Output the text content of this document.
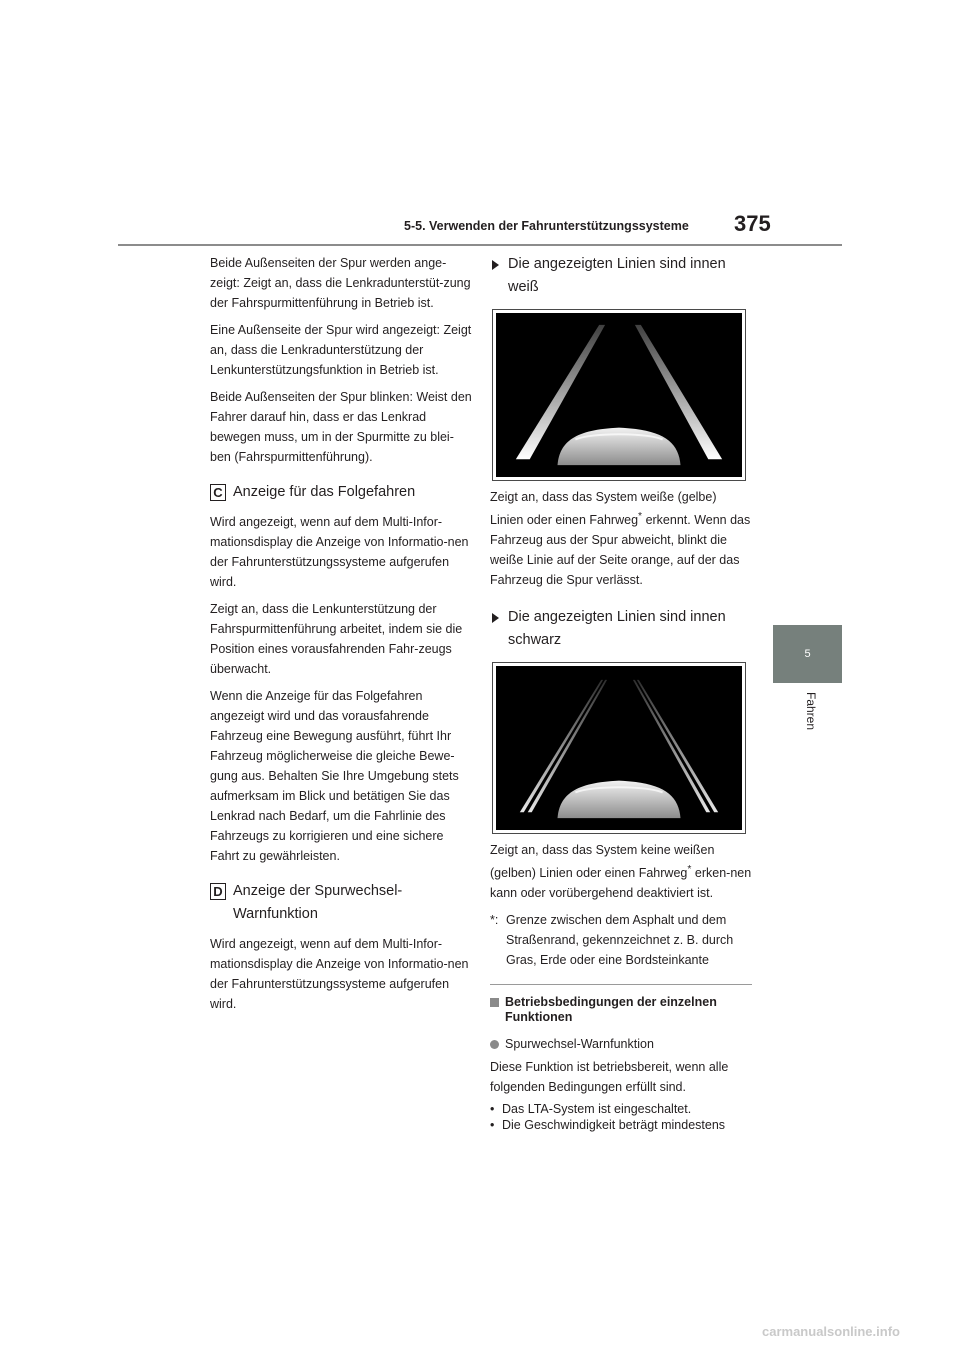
5-5. Verwenden der Fahrunterstützungssysteme 375
5
Fahren

Beide Außenseiten der Spur werden ange-zeigt: Zeigt an, dass die Lenkradunterstüt-zung der Fahrspurmittenführung in Betrieb ist.

Eine Außenseite der Spur wird angezeigt: Zeigt an, dass die Lenkradunterstützung der Lenkunterstützungsfunktion in Betrieb ist.

Beide Außenseiten der Spur blinken: Weist den Fahrer darauf hin, dass er das Lenkrad bewegen muss, um in der Spurmitte zu blei-ben (Fahrspurmittenführung).

C Anzeige für das Folgefahren

Wird angezeigt, wenn auf dem Multi-Infor-mationsdisplay die Anzeige von Informatio-nen der Fahrunterstützungssysteme aufgerufen wird.

Zeigt an, dass die Lenkunterstützung der Fahrspurmittenführung arbeitet, indem sie die Position eines vorausfahrenden Fahr-zeugs überwacht.

Wenn die Anzeige für das Folgefahren angezeigt wird und das vorausfahrende Fahrzeug eine Bewegung ausführt, führt Ihr Fahrzeug möglicherweise die gleiche Bewe-gung aus. Behalten Sie Ihre Umgebung stets aufmerksam im Blick und betätigen Sie das Lenkrad nach Bedarf, um die Fahrlinie des Fahrzeugs zu korrigieren und eine sichere Fahrt zu gewährleisten.

D Anzeige der Spurwechsel-Warnfunktion

Wird angezeigt, wenn auf dem Multi-Infor-mationsdisplay die Anzeige von Informatio-nen der Fahrunterstützungssysteme aufgerufen wird.

Die angezeigten Linien sind innen weiß

Zeigt an, dass das System weiße (gelbe) Linien oder einen Fahrweg* erkennt. Wenn das Fahrzeug aus der Spur abweicht, blinkt die weiße Linie auf der Seite orange, auf der das Fahrzeug die Spur verlässt.

Die angezeigten Linien sind innen schwarz

Zeigt an, dass das System keine weißen (gelben) Linien oder einen Fahrweg* erken-nen kann oder vorübergehend deaktiviert ist.

*: Grenze zwischen dem Asphalt und dem Straßenrand, gekennzeichnet z. B. durch Gras, Erde oder eine Bordsteinkante
Betriebsbedingungen der einzelnen Funktionen
Spurwechsel-Warnfunktion

Diese Funktion ist betriebsbereit, wenn alle folgenden Bedingungen erfüllt sind.

• Das LTA-System ist eingeschaltet.
• Die Geschwindigkeit beträgt mindestens
carmanualsonline.info
